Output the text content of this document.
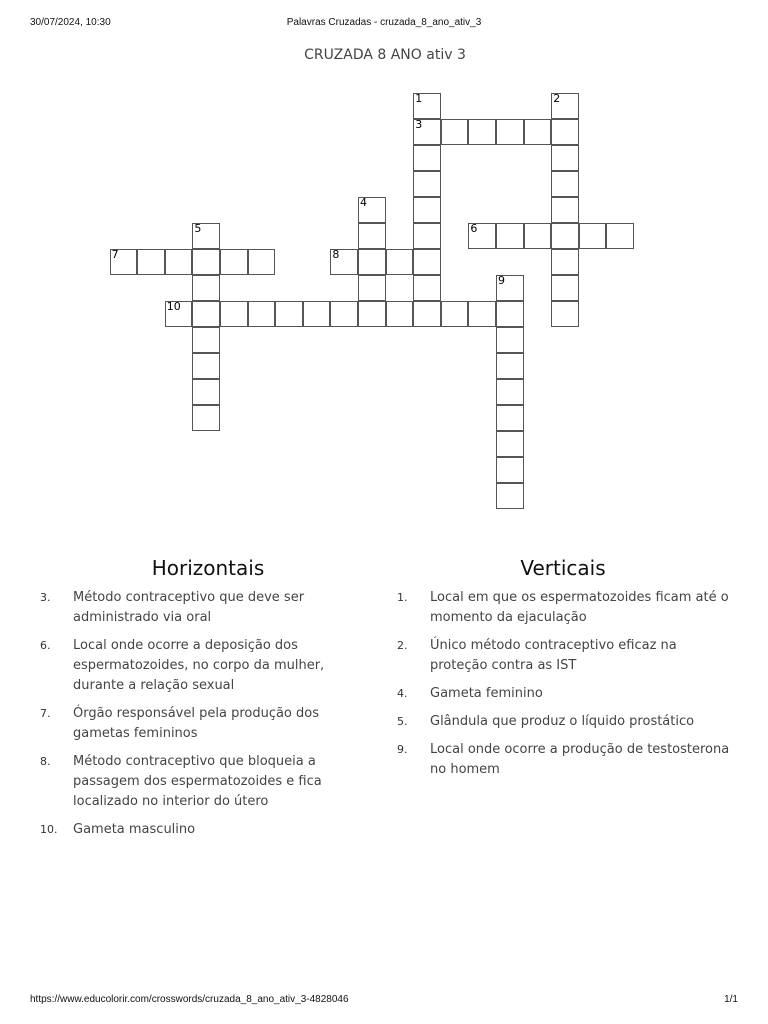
30/07/2024, 10:30	Palavras Cruzadas - cruzada_8_ano_ativ_3
CRUZADA 8 ANO ativ 3
1
3
2
4
5	6
7	8
9
10
Horizontais
3.	Método contraceptivo que deve ser administrado via oral
6.	Local onde ocorre a deposição dos espermatozoides, no corpo da mulher, durante a relação sexual
7.	Órgão responsável pela produção dos gametas femininos
8.	Método contraceptivo que bloqueia a passagem dos espermatozoides e fica localizado no interior do útero
10.	Gameta masculino
Verticais
1.	Local em que os espermatozoides ficam até o momento da ejaculação
2.	Único método contraceptivo eficaz na proteção contra as IST
4.	Gameta feminino
5.	Glândula que produz o líquido prostático
9.	Local onde ocorre a produção de testosterona no homem
https://www.educolorir.com/crosswords/cruzada_8_ano_ativ_3-4828046	1/1
